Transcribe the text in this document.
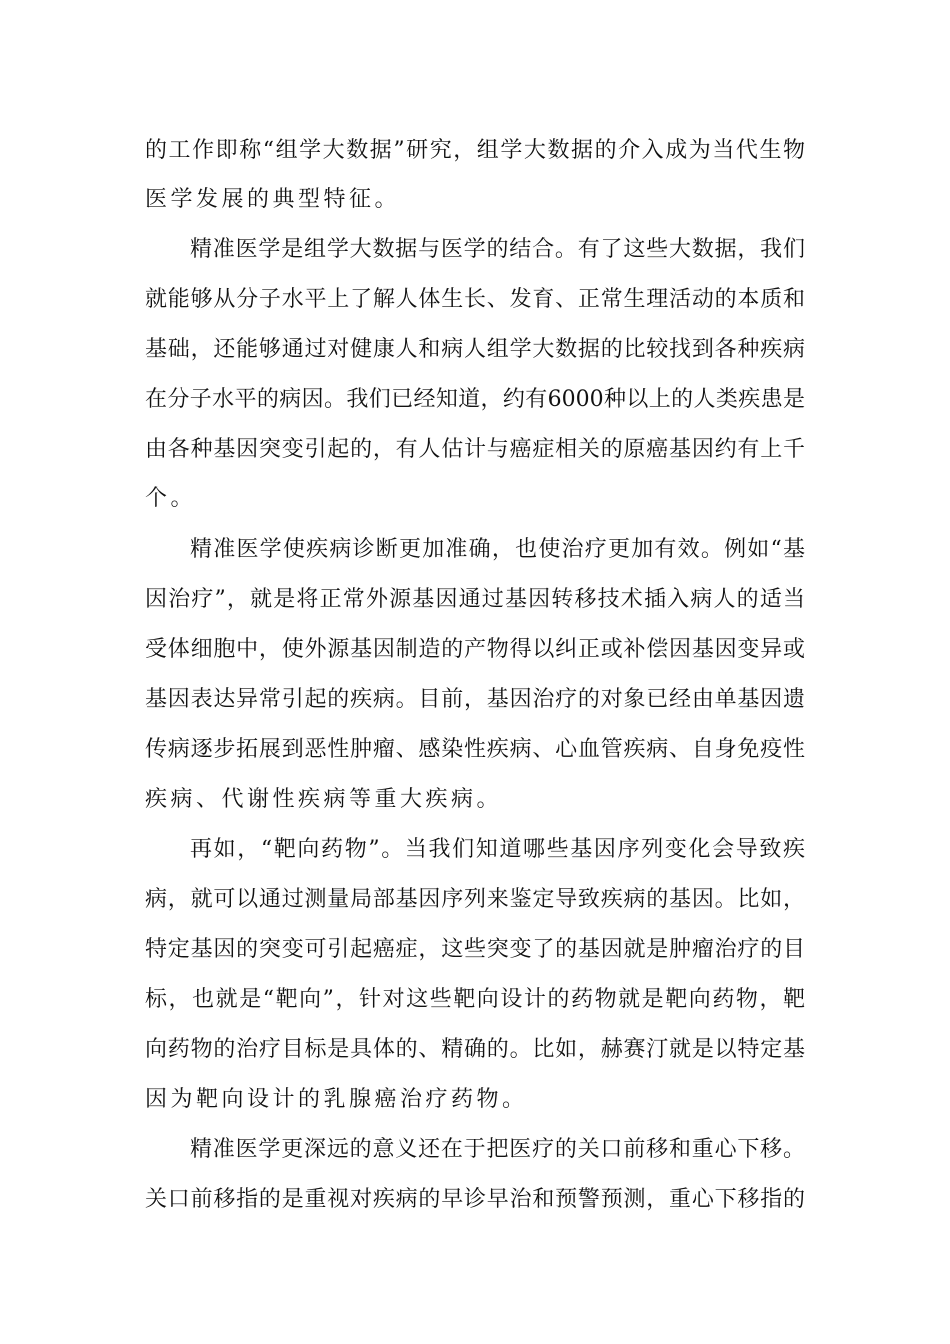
的工作即称“组学大数据”研究，组学大数据的介入成为当代生物
医学发展的典型特征。
精准医学是组学大数据与医学的结合。有了这些大数据，我们
就能够从分子水平上了解人体生长、发育、正常生理活动的本质和
基础，还能够通过对健康人和病人组学大数据的比较找到各种疾病
在分子水平的病因。我们已经知道，约有6000种以上的人类疾患是
由各种基因突变引起的，有人估计与癌症相关的原癌基因约有上千
个。
精准医学使疾病诊断更加准确，也使治疗更加有效。例如“基
因治疗”，就是将正常外源基因通过基因转移技术插入病人的适当
受体细胞中，使外源基因制造的产物得以纠正或补偿因基因变异或
基因表达异常引起的疾病。目前，基因治疗的对象已经由单基因遗
传病逐步拓展到恶性肿瘤、感染性疾病、心血管疾病、自身免疫性
疾病、代谢性疾病等重大疾病。
再如，“靶向药物”。当我们知道哪些基因序列变化会导致疾
病，就可以通过测量局部基因序列来鉴定导致疾病的基因。比如，
特定基因的突变可引起癌症，这些突变了的基因就是肿瘤治疗的目
标，也就是“靶向”，针对这些靶向设计的药物就是靶向药物，靶
向药物的治疗目标是具体的、精确的。比如，赫赛汀就是以特定基
因为靶向设计的乳腺癌治疗药物。
精准医学更深远的意义还在于把医疗的关口前移和重心下移。
关口前移指的是重视对疾病的早诊早治和预警预测，重心下移指的
